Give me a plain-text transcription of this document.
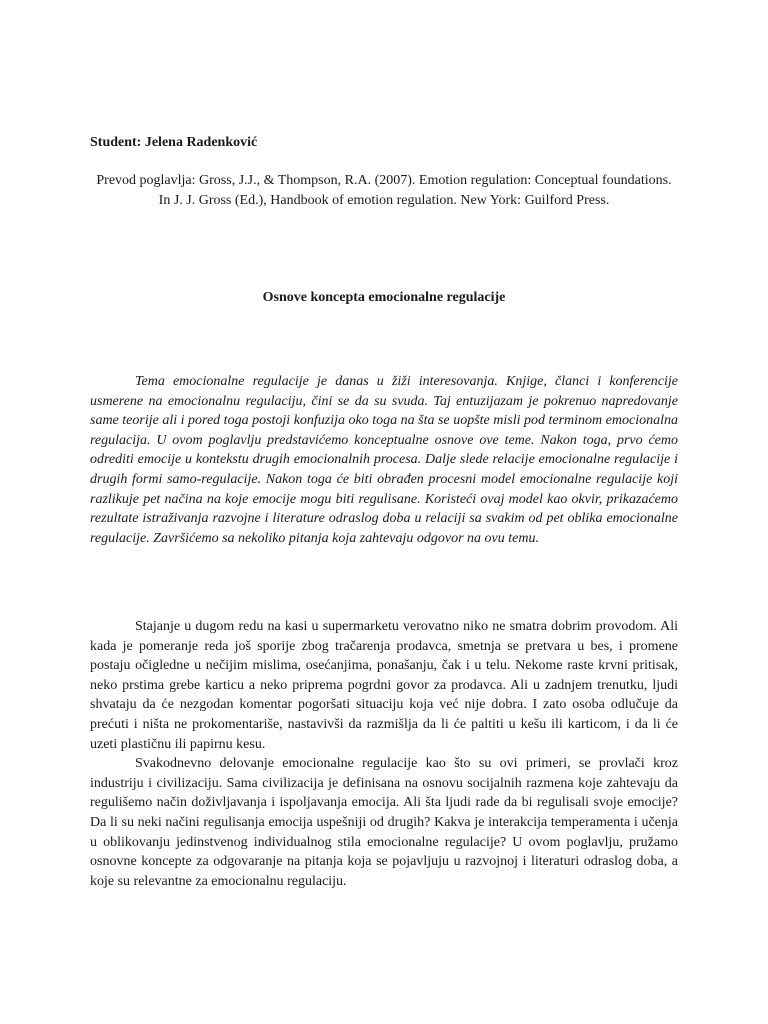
Student: Jelena Radenković

Prevod poglavlja: Gross, J.J., & Thompson, R.A. (2007). Emotion regulation: Conceptual foundations. In J. J. Gross (Ed.), Handbook of emotion regulation. New York: Guilford Press.

Osnove koncepta emocionalne regulacije

Tema emocionalne regulacije je danas u žiži interesovanja. Knjige, članci i konferencije usmerene na emocionalnu regulaciju, čini se da su svuda. Taj entuzijazam je pokrenuo napredovanje same teorije ali i pored toga postoji konfuzija oko toga na šta se uopšte misli pod terminom emocionalna regulacija. U ovom poglavlju predstavićemo konceptualne osnove ove teme. Nakon toga, prvo ćemo odrediti emocije u kontekstu drugih emocionalnih procesa. Dalje slede relacije emocionalne regulacije i drugih formi samo-regulacije. Nakon toga će biti obrađen procesni model emocionalne regulacije koji razlikuje pet načina na koje emocije mogu biti regulisane. Koristeći ovaj model kao okvir, prikazaćemo rezultate istraživanja razvojne i literature odraslog doba u relaciji sa svakim od pet oblika emocionalne regulacije. Završićemo sa nekoliko pitanja koja zahtevaju odgovor na ovu temu.

Stajanje u dugom redu na kasi u supermarketu verovatno niko ne smatra dobrim provodom. Ali kada je pomeranje reda još sporije zbog tračarenja prodavca, smetnja se pretvara u bes, i promene postaju očigledne u nečijim mislima, osećanjima, ponašanju, čak i u telu. Nekome raste krvni pritisak, neko prstima grebe karticu a neko priprema pogrdni govor za prodavca. Ali u zadnjem trenutku, ljudi shvataju da će nezgodan komentar pogoršati situaciju koja već nije dobra. I zato osoba odlučuje da prećuti i ništa ne prokomentariše, nastavivši da razmišlja da li će paltiti u kešu ili karticom, i da li će uzeti plastičnu ili papirnu kesu.

Svakodnevno delovanje emocionalne regulacije kao što su ovi primeri, se provlači kroz industriju i civilizaciju. Sama civilizacija je definisana na osnovu socijalnih razmena koje zahtevaju da regulišemo način doživljavanja i ispoljavanja emocija. Ali šta ljudi rade da bi regulisali svoje emocije? Da li su neki načini regulisanja emocija uspešniji od drugih? Kakva je interakcija temperamenta i učenja u oblikovanju jedinstvenog individualnog stila emocionalne regulacije? U ovom poglavlju, pružamo osnovne koncepte za odgovaranje na pitanja koja se pojavljuju u razvojnoj i literaturi odraslog doba, a koje su relevantne za emocionalnu regulaciju.
